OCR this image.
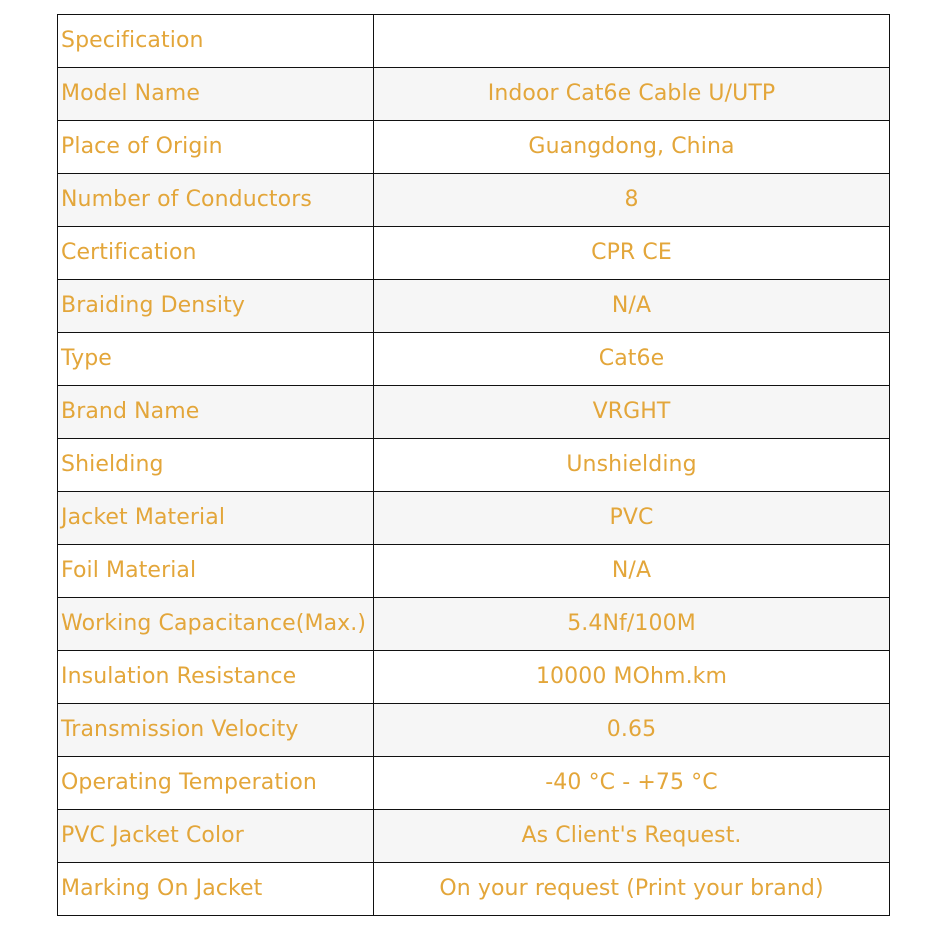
Specification	
Model Name	Indoor Cat6e Cable U/UTP
Place of Origin	Guangdong, China
Number of Conductors	8
Certification	CPR CE
Braiding Density	N/A
Type	Cat6e
Brand Name	VRGHT
Shielding	Unshielding
Jacket Material	PVC
Foil Material	N/A
Working Capacitance(Max.)	5.4Nf/100M
Insulation Resistance	10000 MOhm.km
Transmission Velocity	0.65
Operating Temperation	-40 °C - +75 °C
PVC Jacket Color	As Client's Request.
Marking On Jacket	On your request (Print your brand)
